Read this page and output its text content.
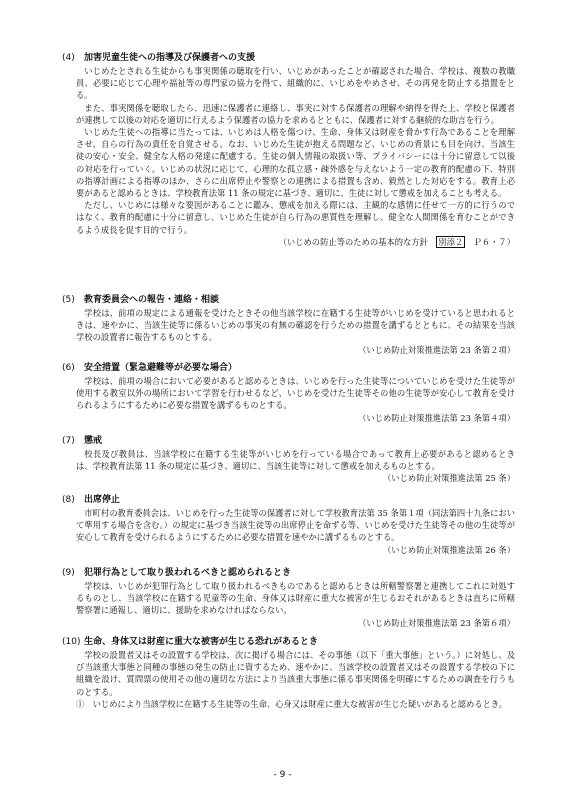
(4) 加害児童生徒への指導及び保護者への支援

いじめたとされる生徒からも事実関係の聴取を行い、いじめがあったことが確認された場合、学校は、複数の教職員、必要に応じて心理や福祉等の専門家の協力を得て、組織的に、いじめをやめさせ、その再発を防止する措置をとる。

また、事実関係を聴取したら、迅速に保護者に連絡し、事実に対する保護者の理解や納得を得た上、学校と保護者が連携して以後の対応を適切に行えるよう保護者の協力を求めるとともに、保護者に対する継続的な助言を行う。

いじめた生徒への指導に当たっては、いじめは人格を傷つけ、生命、身体又は財産を脅かす行為であることを理解させ、自らの行為の責任を自覚させる。なお、いじめた生徒が抱える問題など、いじめの背景にも目を向け、当該生徒の安心・安全、健全な人格の発達に配慮する。生徒の個人情報の取扱い等、プライバシーには十分に留意して以後の対応を行っていく。いじめの状況に応じて、心理的な孤立感・疎外感を与えないよう一定の教育的配慮の下、特別の指導計画による指導のほか、さらに出席停止や警察との連携による措置も含め、毅然とした対応をする。教育上必要があると認めるときは、学校教育法第 11 条の規定に基づき、適切に、生徒に対して懲戒を加えることも考える。

ただし、いじめには様々な要因があることに鑑み、懲戒を加える際には、主観的な感情に任せて一方的に行うのではなく、教育的配慮に十分に留意し、いじめた生徒が自ら行為の悪質性を理解し、健全な人間関係を育むことができるよう成長を促す目的で行う。

（いじめの防止等のための基本的な方針　 別添２　 Ｐ６・７）

(5) 教育委員会への報告・連絡・相談

学校は、前項の規定による通報を受けたときその他当該学校に在籍する生徒等がいじめを受けていると思われるときは、速やかに、当該生徒等に係るいじめの事実の有無の確認を行うための措置を講ずるとともに、その結果を当該学校の設置者に報告するものとする。

（いじめ防止対策推進法第 23 条第２項）

(6) 安全措置（緊急避難等が必要な場合）

学校は、前項の場合において必要があると認めるときは、いじめを行った生徒等についていじめを受けた生徒等が使用する教室以外の場所において学習を行わせるなど、いじめを受けた生徒等その他の生徒等が安心して教育を受けられるようにするために必要な措置を講ずるものとする。

（いじめ防止対策推進法第 23 条第４項）

(7) 懲戒

校長及び教員は、当該学校に在籍する生徒等がいじめを行っている場合であって教育上必要があると認めるときは、学校教育法第 11 条の規定に基づき、適切に、当該生徒等に対して懲戒を加えるものとする。

（いじめ防止対策推進法第 25 条）

(8) 出席停止

市町村の教育委員会は、いじめを行った生徒等の保護者に対して学校教育法第 35 条第１項（同法第四十九条において準用する場合を含む。）の規定に基づき当該生徒等の出席停止を命ずる等、いじめを受けた生徒等その他の生徒等が安心して教育を受けられるようにするために必要な措置を速やかに講ずるものとする。

（いじめ防止対策推進法第 26 条）

(9) 犯罪行為として取り扱われるべきと認められるとき

学校は、いじめが犯罪行為として取り扱われるべきものであると認めるときは所轄警察署と連携してこれに対処するものとし、当該学校に在籍する児童等の生命、身体又は財産に重大な被害が生じるおそれがあるときは直ちに所轄警察署に通報し、適切に、援助を求めなければならない。

（いじめ防止対策推進法第 23 条第６項）

(10) 生命、身体又は財産に重大な被害が生じる恐れがあるとき

学校の設置者又はその設置する学校は、次に掲げる場合には、その事態（以下「重大事態」という。）に対処し、及び当該重大事態と同種の事態の発生の防止に資するため、速やかに、当該学校の設置者又はその設置する学校の下に組織を設け、質問票の使用その他の適切な方法により当該重大事態に係る事実関係を明確にするための調査を行うものとする。

①　 いじめにより当該学校に在籍する生徒等の生命、心身又は財産に重大な被害が生じた疑いがあると認めるとき。

- 9 -
